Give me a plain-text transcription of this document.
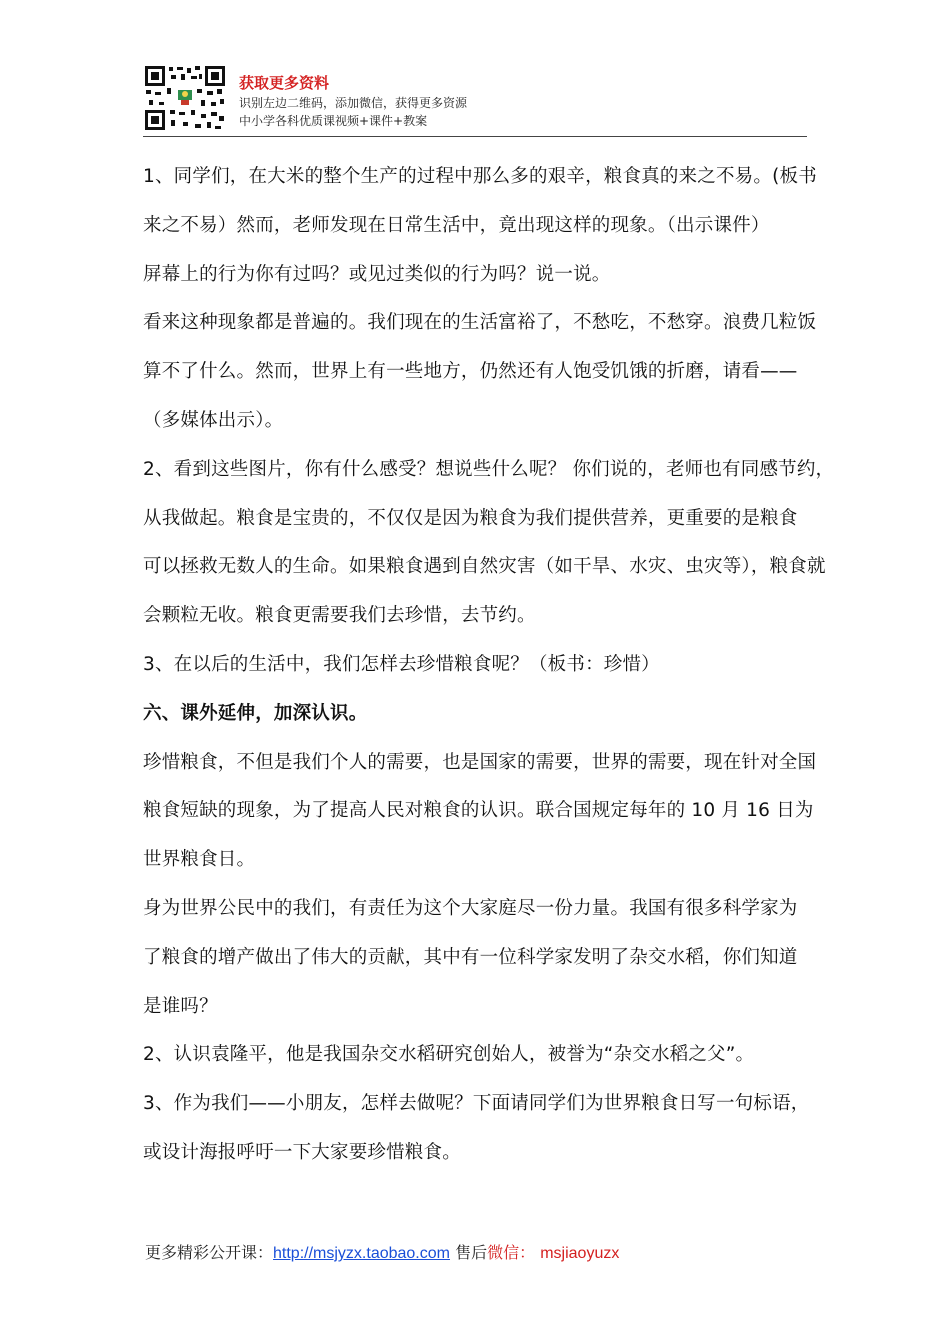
获取更多资料
识别左边二维码，添加微信，获得更多资源
中小学各科优质课视频+课件+教案

1、同学们，在大米的整个生产的过程中那么多的艰辛，粮食真的来之不易。(板书

来之不易）然而，老师发现在日常生活中，竟出现这样的现象。（出示课件）

屏幕上的行为你有过吗？或见过类似的行为吗？说一说。

看来这种现象都是普遍的。我们现在的生活富裕了，不愁吃，不愁穿。浪费几粒饭

算不了什么。然而，世界上有一些地方，仍然还有人饱受饥饿的折磨，请看——

（多媒体出示）。

2、看到这些图片，你有什么感受？想说些什么呢？ 你们说的，老师也有同感节约，

从我做起。粮食是宝贵的，不仅仅是因为粮食为我们提供营养，更重要的是粮食

可以拯救无数人的生命。如果粮食遇到自然灾害（如干旱、水灾、虫灾等），粮食就

会颗粒无收。粮食更需要我们去珍惜，去节约。

3、在以后的生活中，我们怎样去珍惜粮食呢？（板书：珍惜）

六、课外延伸，加深认识。

珍惜粮食，不但是我们个人的需要，也是国家的需要，世界的需要，现在针对全国

粮食短缺的现象，为了提高人民对粮食的认识。联合国规定每年的 10 月 16 日为

世界粮食日。

身为世界公民中的我们，有责任为这个大家庭尽一份力量。我国有很多科学家为

了粮食的增产做出了伟大的贡献，其中有一位科学家发明了杂交水稻，你们知道

是谁吗？

2、认识袁隆平，他是我国杂交水稻研究创始人，被誉为“杂交水稻之父”。

3、作为我们——小朋友，怎样去做呢？下面请同学们为世界粮食日写一句标语，

或设计海报呼吁一下大家要珍惜粮食。

更多精彩公开课：http://msjyzx.taobao.com 售后微信： msjiaoyuzx
